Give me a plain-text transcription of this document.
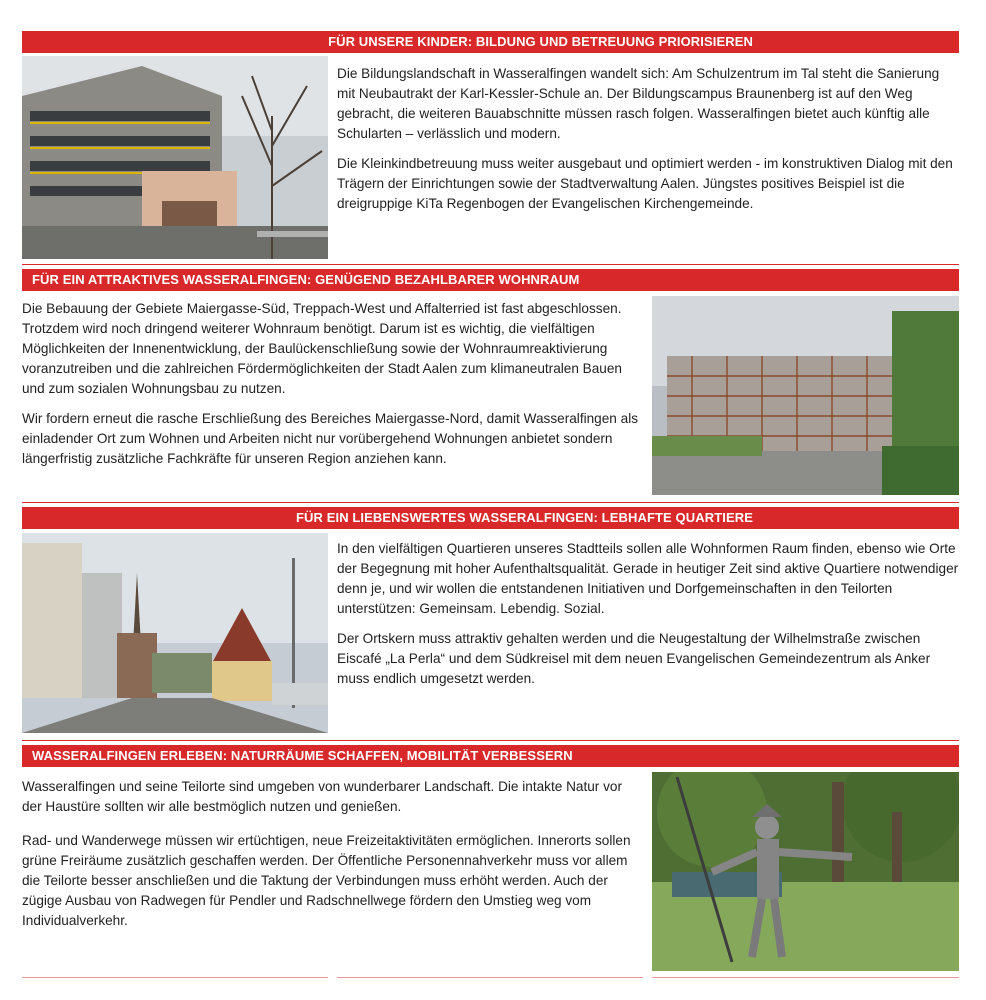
FÜR UNSERE KINDER: BILDUNG UND BETREUUNG PRIORISIEREN

Die Bildungslandschaft in Wasseralfingen wandelt sich: Am Schulzentrum im Tal steht die Sanierung mit Neubautrakt der Karl-Kessler-Schule an. Der Bildungscampus Braunenberg ist auf den Weg gebracht, die weiteren Bauabschnitte müssen rasch folgen. Wasseralfingen bietet auch künftig alle Schularten – verlässlich und modern.

Die Kleinkindbetreuung muss weiter ausgebaut und optimiert werden - im konstruktiven Dialog mit den Trägern der Einrichtungen sowie der Stadtverwaltung Aalen. Jüngstes positives Beispiel ist die dreigruppige KiTa Regenbogen der Evangelischen Kirchengemeinde.

FÜR EIN ATTRAKTIVES WASSERALFINGEN: GENÜGEND BEZAHLBARER WOHNRAUM

Die Bebauung der Gebiete Maiergasse-Süd, Treppach-West und Affalterried ist fast abgeschlossen. Trotzdem wird noch dringend weiterer Wohnraum benötigt. Darum ist es wichtig, die vielfältigen Möglichkeiten der Innenentwicklung, der Baulückenschließung sowie der Wohnraumreaktivierung voranzutreiben und die zahlreichen Fördermöglichkeiten der Stadt Aalen zum klimaneutralen Bauen und zum sozialen Wohnungsbau zu nutzen.

Wir fordern erneut die rasche Erschließung des Bereiches Maiergasse-Nord, damit Wasseralfingen als einladender Ort zum Wohnen und Arbeiten nicht nur vorübergehend Wohnungen anbietet sondern längerfristig zusätzliche Fachkräfte für unseren Region anziehen kann.

FÜR EIN LIEBENSWERTES WASSERALFINGEN: LEBHAFTE QUARTIERE

In den vielfältigen Quartieren unseres Stadtteils sollen alle Wohnformen Raum finden, ebenso wie Orte der Begegnung mit hoher Aufenthaltsqualität. Gerade in heutiger Zeit sind aktive Quartiere notwendiger denn je, und wir wollen die entstandenen Initiativen und Dorfgemeinschaften in den Teilorten unterstützen: Gemeinsam. Lebendig. Sozial.

Der Ortskern muss attraktiv gehalten werden und die Neugestaltung der Wilhelmstraße zwischen Eiscafé „La Perla“ und dem Südkreisel mit dem neuen Evangelischen Gemeindezentrum als Anker muss endlich umgesetzt werden.

WASSERALFINGEN ERLEBEN: NATURRÄUME SCHAFFEN, MOBILITÄT VERBESSERN

Wasseralfingen und seine Teilorte sind umgeben von wunderbarer Landschaft. Die intakte Natur vor der Haustüre sollten wir alle bestmöglich nutzen und genießen.

Rad- und Wanderwege müssen wir ertüchtigen, neue Freizeitaktivitäten ermöglichen. Innerorts sollen grüne Freiräume zusätzlich geschaffen werden. Der Öffentliche Personennahverkehr muss vor allem die Teilorte besser anschließen und die Taktung der Verbindungen muss erhöht werden. Auch der zügige Ausbau von Radwegen für Pendler und Radschnellwege fördern den Umstieg weg vom Individualverkehr.
